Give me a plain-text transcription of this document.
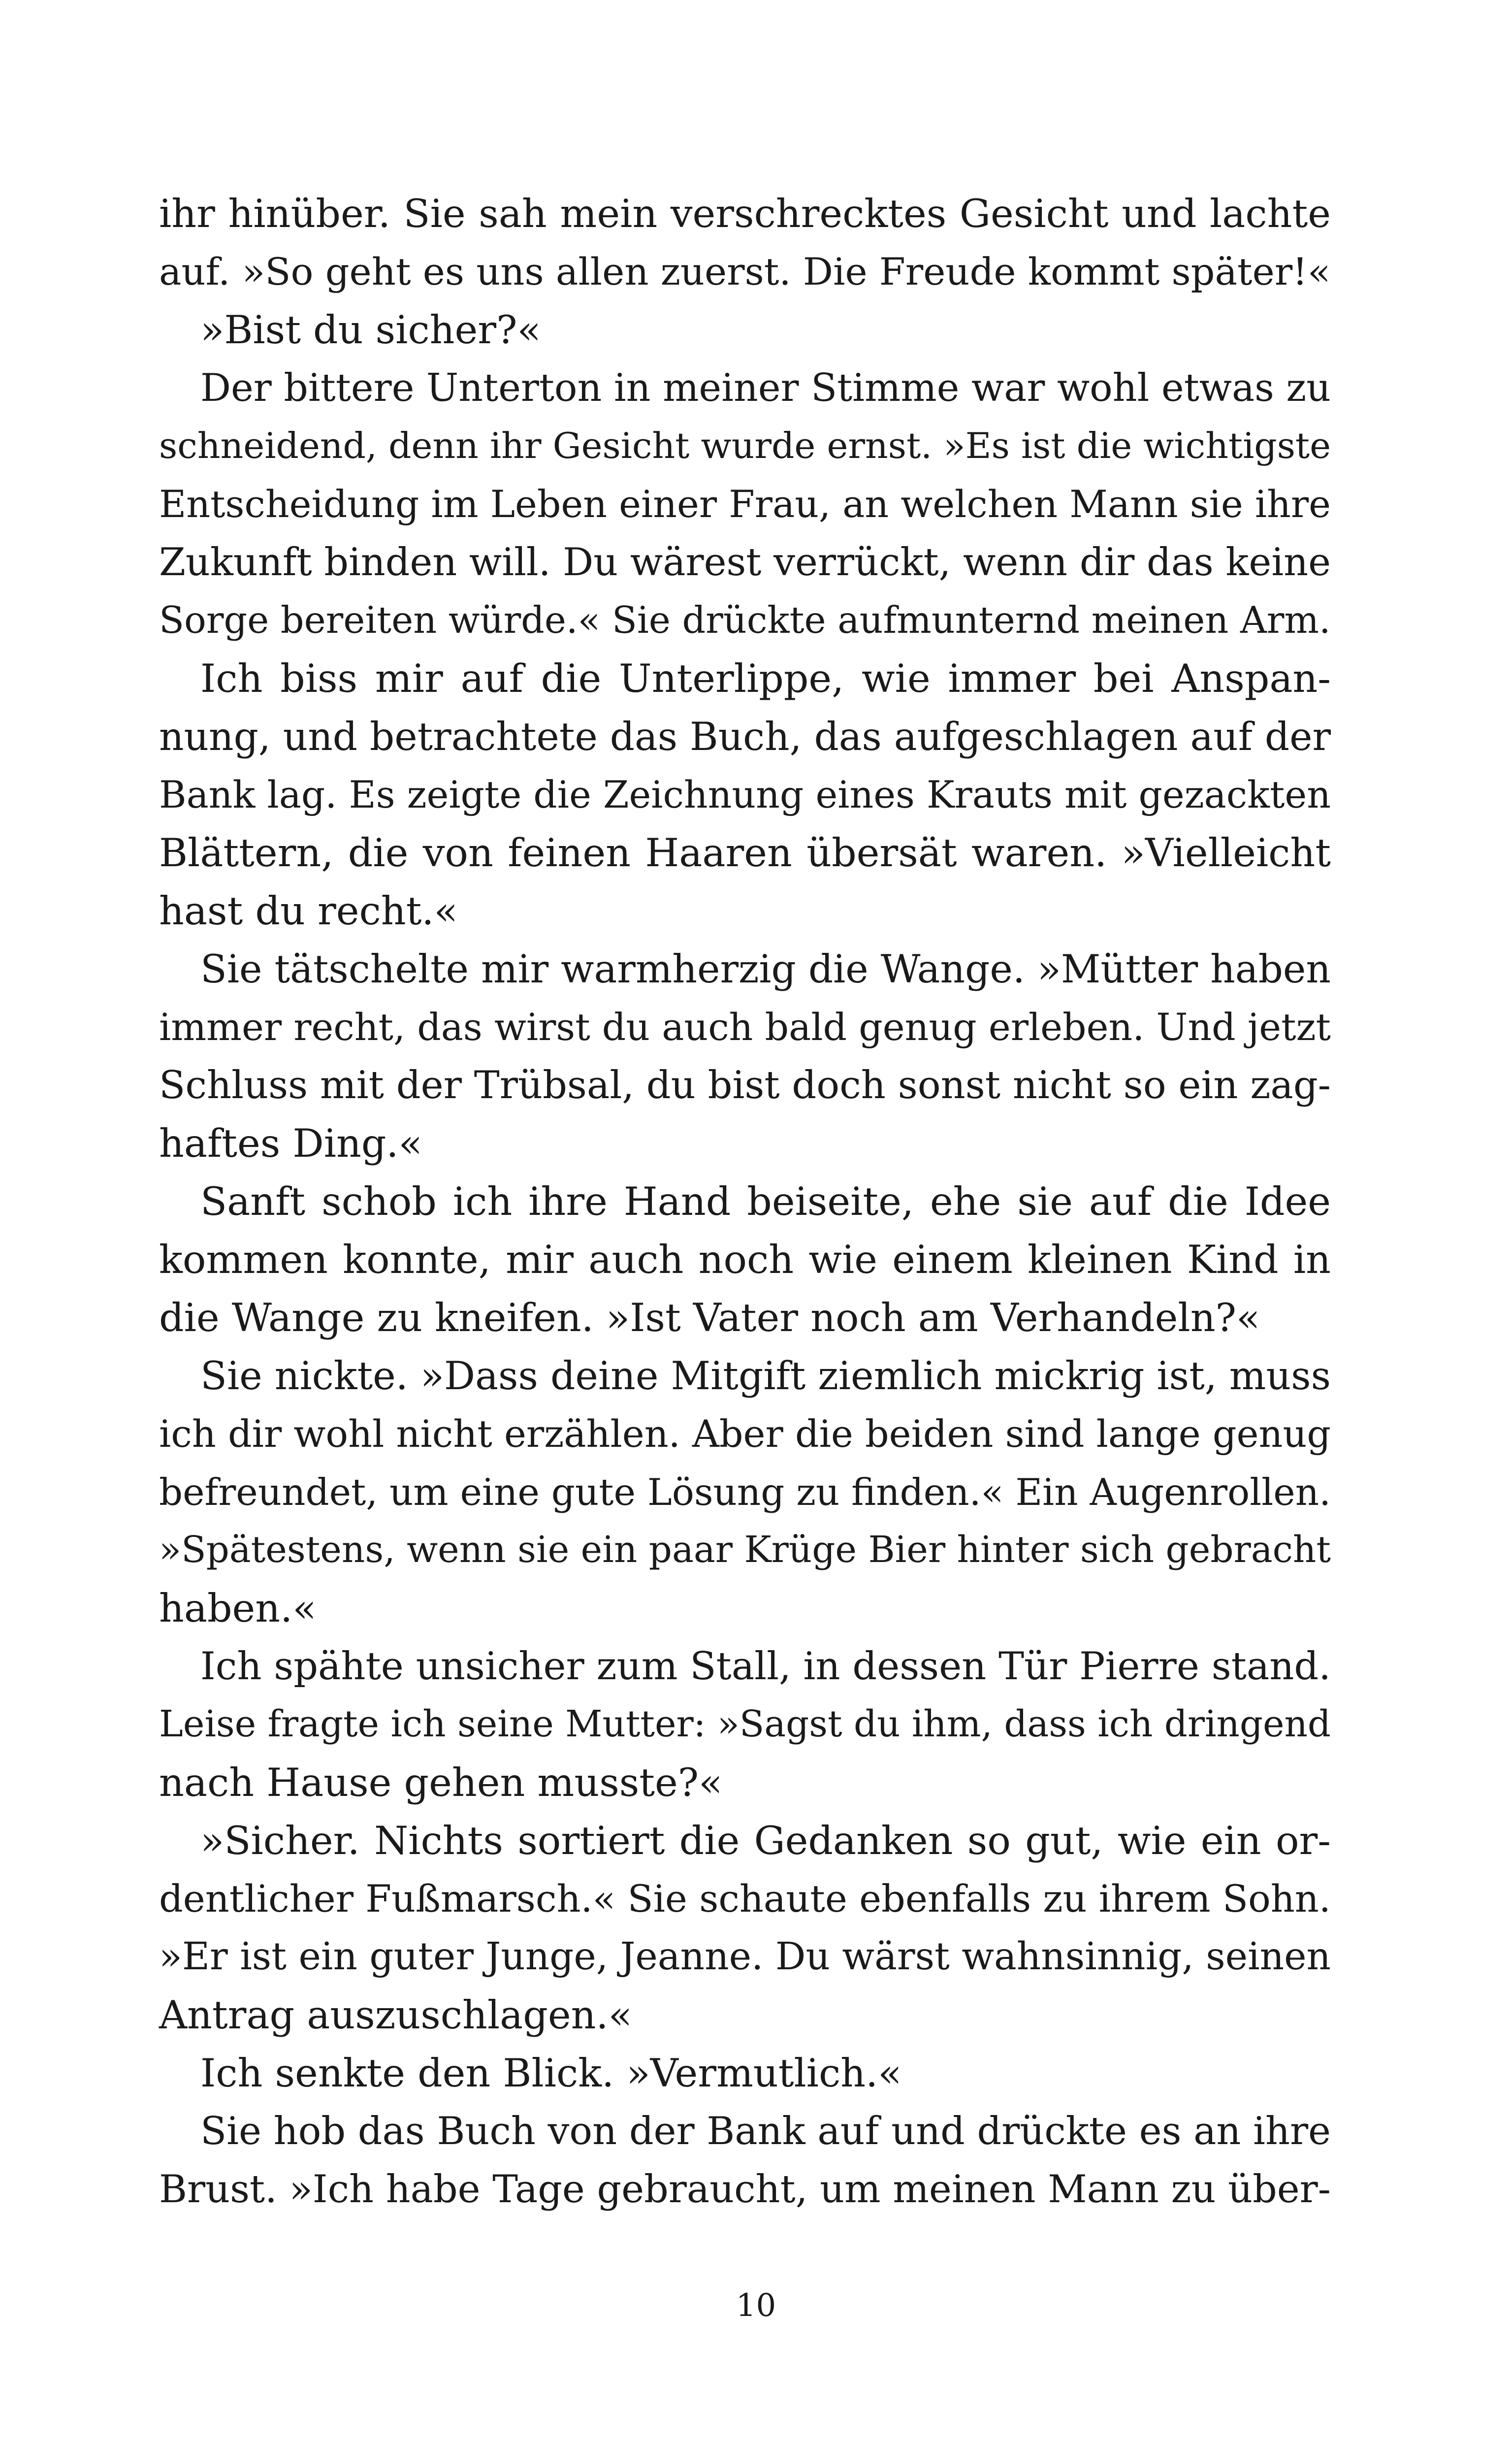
ihr hinüber. Sie sah mein verschrecktes Gesicht und lachte
auf. »So geht es uns allen zuerst. Die Freude kommt später!«
»Bist du sicher?«
Der bittere Unterton in meiner Stimme war wohl etwas zu
schneidend, denn ihr Gesicht wurde ernst. »Es ist die wichtigste
Entscheidung im Leben einer Frau, an welchen Mann sie ihre
Zukunft binden will. Du wärest verrückt, wenn dir das keine
Sorge bereiten würde.« Sie drückte aufmunternd meinen Arm.
Ich biss mir auf die Unterlippe, wie immer bei Anspan-
nung, und betrachtete das Buch, das aufgeschlagen auf der
Bank lag. Es zeigte die Zeichnung eines Krauts mit gezackten
Blättern, die von feinen Haaren übersät waren. »Vielleicht
hast du recht.«
Sie tätschelte mir warmherzig die Wange. »Mütter haben
immer recht, das wirst du auch bald genug erleben. Und jetzt
Schluss mit der Trübsal, du bist doch sonst nicht so ein zag-
haftes Ding.«
Sanft schob ich ihre Hand beiseite, ehe sie auf die Idee
kommen konnte, mir auch noch wie einem kleinen Kind in
die Wange zu kneifen. »Ist Vater noch am Verhandeln?«
Sie nickte. »Dass deine Mitgift ziemlich mickrig ist, muss
ich dir wohl nicht erzählen. Aber die beiden sind lange genug
befreundet, um eine gute Lösung zu finden.« Ein Augenrollen.
»Spätestens, wenn sie ein paar Krüge Bier hinter sich gebracht
haben.«
Ich spähte unsicher zum Stall, in dessen Tür Pierre stand.
Leise fragte ich seine Mutter: »Sagst du ihm, dass ich dringend
nach Hause gehen musste?«
»Sicher. Nichts sortiert die Gedanken so gut, wie ein or-
dentlicher Fußmarsch.« Sie schaute ebenfalls zu ihrem Sohn.
»Er ist ein guter Junge, Jeanne. Du wärst wahnsinnig, seinen
Antrag auszuschlagen.«
Ich senkte den Blick. »Vermutlich.«
Sie hob das Buch von der Bank auf und drückte es an ihre
Brust. »Ich habe Tage gebraucht, um meinen Mann zu über-
10
